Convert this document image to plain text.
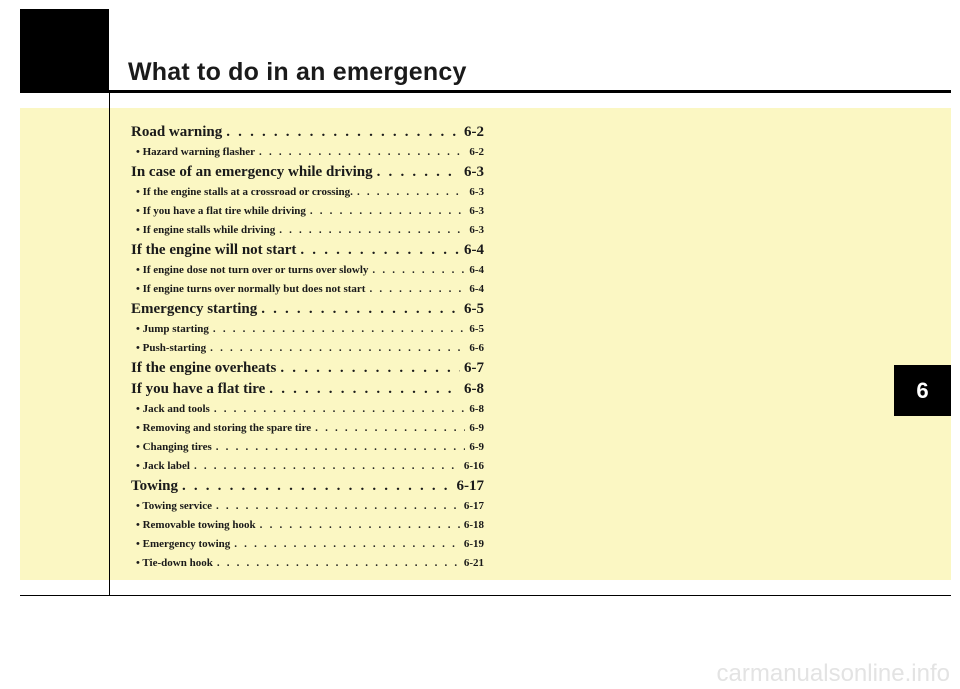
What to do in an emergency
Road warning . . .	6-2
• Hazard warning flasher . . .	6-2
In case of an emergency while driving . . .	6-3
• If the engine stalls at a crossroad or crossing. . . .	6-3
• If you have a flat tire while driving . . .	6-3
• If engine stalls while driving . . .	6-3
If the engine will not start . . .	6-4
• If engine dose not turn over or turns over slowly . . .	6-4
• If engine turns over normally but does not start . . .	6-4
Emergency starting . . .	6-5
• Jump starting . . .	6-5
• Push-starting . . .	6-6
If the engine overheats . . .	6-7
If you have a flat tire . . .	6-8
• Jack and tools . . .	6-8
• Removing and storing the spare tire . . .	6-9
• Changing tires . . .	6-9
• Jack label . . .	6-16
Towing . . .	6-17
• Towing service . . .	6-17
• Removable towing hook . . .	6-18
• Emergency towing . . .	6-19
• Tie-down hook . . .	6-21
6
carmanualsonline.info
